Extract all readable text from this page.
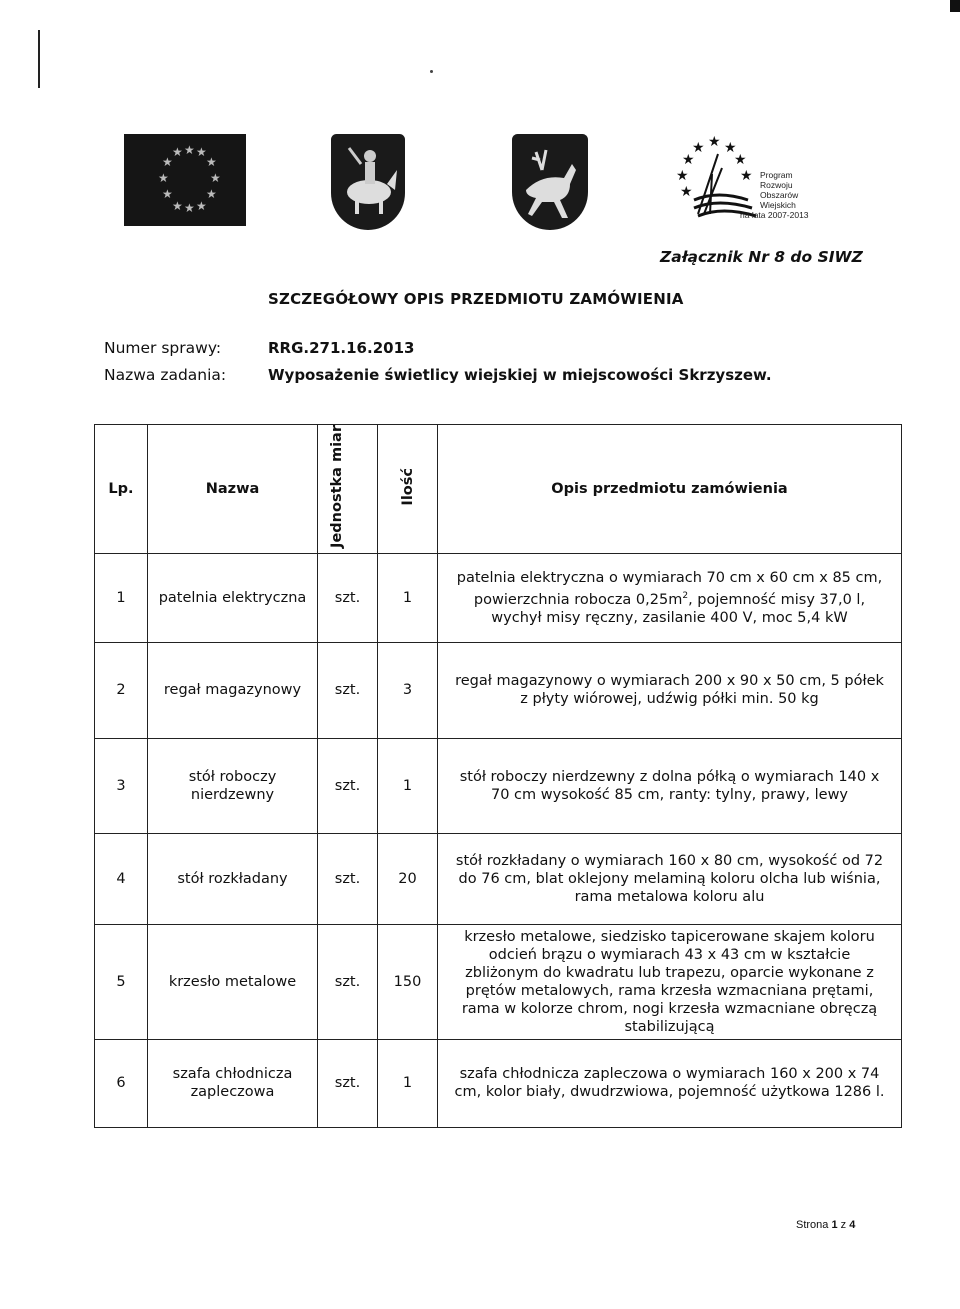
★ ★ ★
★
★
★
★
★
★
★
★
★	★
★ ★ ★
★
★	★
★
Program
Rozwoju
Obszarów
Wiejskich
na lata 2007-2013
Załącznik Nr 8 do SIWZ
SZCZEGÓŁOWY OPIS PRZEDMIOTU ZAMÓWIENIA
Numer sprawy:	RRG.271.16.2013
Nazwa zadania:	Wyposażenie świetlicy wiejskiej w miejscowości Skrzyszew.
Lp.	Nazwa	Jednostka miar	Ilość	Opis przedmiotu zamówienia
1	patelnia elektryczna	szt.	1	patelnia elektryczna o wymiarach 70 cm x 60 cm x 85 cm, powierzchnia robocza $0,25m^2$, pojemność misy 37,0 l, wychył misy ręczny, zasilanie 400 V, moc 5,4 kW
2	regał magazynowy	szt.	3	regał magazynowy o wymiarach 200 x 90 x 50 cm, 5 półek z płyty wiórowej, udźwig półki min. 50 kg
3	stół roboczy nierdzewny	szt.	1	stół roboczy nierdzewny z dolna półką o wymiarach 140 x 70 cm wysokość 85 cm, ranty: tylny, prawy, lewy
4	stół rozkładany	szt.	20	stół rozkładany o wymiarach 160 x 80 cm, wysokość od 72 do 76 cm, blat oklejony melaminą koloru olcha lub wiśnia, rama metalowa koloru alu
5	krzesło metalowe	szt.	150	krzesło metalowe, siedzisko tapicerowane skajem koloru odcień brązu o wymiarach 43 x 43 cm w kształcie zbliżonym do kwadratu lub trapezu, oparcie wykonane z prętów metalowych, rama krzesła wzmacniana prętami, rama w kolorze chrom, nogi krzesła wzmacniane obręczą stabilizującą
6	szafa chłodnicza zapleczowa	szt.	1	szafa chłodnicza zapleczowa o wymiarach 160 x 200 x 74 cm, kolor biały, dwudrzwiowa, pojemność użytkowa 1286 l.
Strona 1 z 4
